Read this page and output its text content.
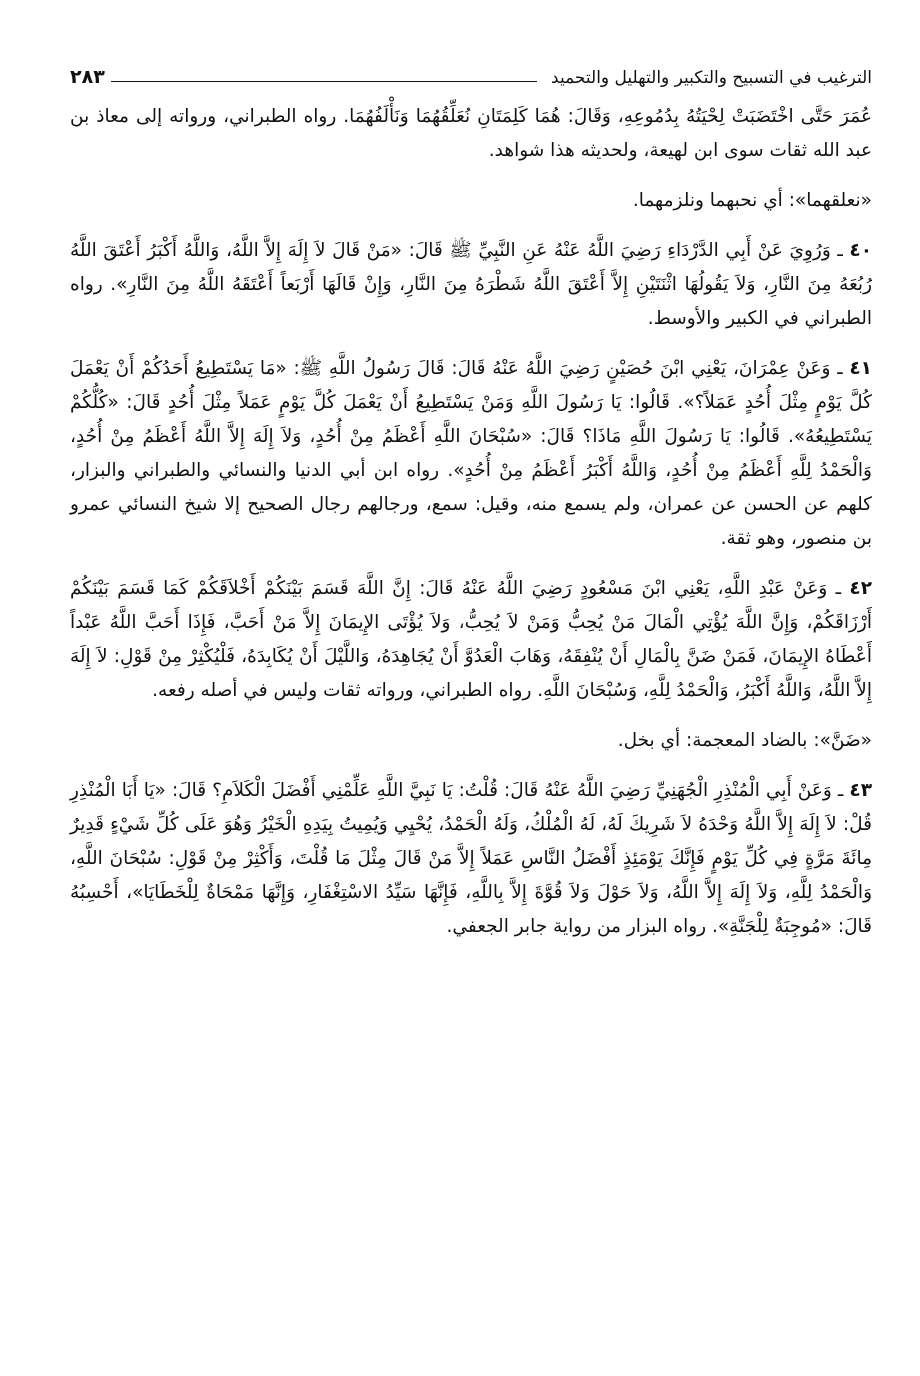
الترغيب في التسبيح والتكبير والتهليل والتحميد
٢٨٣

عُمَرَ حَتَّى اخْتَضَبَتْ لِحْيَتُهُ بِدُمُوعِهِ، وَقَالَ: هُمَا كَلِمَتَانِ نُعَلِّقُهُمَا وَنَأْلَفُهُمَا. رواه الطبراني، ورواته إلى معاذ بن عبد الله ثقات سوى ابن لهيعة، ولحديثه هذا شواهد.

«نعلقهما»: أي نحبهما ونلزمهما.

٤٠ ـ وَرُوِيَ عَنْ أَبِي الدَّرْدَاءِ رَضِيَ اللَّهُ عَنْهُ عَنِ النَّبِيِّ ﷺ قَالَ: «مَنْ قَالَ لاَ إِلَهَ إِلاَّ اللَّهُ، وَاللَّهُ أَكْبَرُ أَعْتَقَ اللَّهُ رُبُعَهُ مِنَ النَّارِ، وَلاَ يَقُولُهَا اثْنَتَيْنِ إِلاَّ أَعْتَقَ اللَّهُ شَطْرَهُ مِنَ النَّارِ، وَإِنْ قَالَهَا أَرْبَعاً أَعْتَقَهُ اللَّهُ مِنَ النَّارِ». رواه الطبراني في الكبير والأوسط.

٤١ ـ وَعَنْ عِمْرَانَ، يَعْنِي ابْنَ حُصَيْنٍ رَضِيَ اللَّهُ عَنْهُ قَالَ: قَالَ رَسُولُ اللَّهِ ﷺ: «مَا يَسْتَطِيعُ أَحَدُكُمْ أَنْ يَعْمَلَ كُلَّ يَوْمٍ مِثْلَ أُحُدٍ عَمَلاً؟». قَالُوا: يَا رَسُولَ اللَّهِ وَمَنْ يَسْتَطِيعُ أَنْ يَعْمَلَ كُلَّ يَوْمٍ عَمَلاً مِثْلَ أُحُدٍ قَالَ: «كُلُّكُمْ يَسْتَطِيعُهُ». قَالُوا: يَا رَسُولَ اللَّهِ مَاذَا؟ قَالَ: «سُبْحَانَ اللَّهِ أَعْظَمُ مِنْ أُحُدٍ، وَلاَ إِلَهَ إِلاَّ اللَّهُ أَعْظَمُ مِنْ أُحُدٍ، وَالْحَمْدُ لِلَّهِ أَعْظَمُ مِنْ أُحُدٍ، وَاللَّهُ أَكْبَرُ أَعْظَمُ مِنْ أُحُدٍ». رواه ابن أبي الدنيا والنسائي والطبراني والبزار، كلهم عن الحسن عن عمران، ولم يسمع منه، وقيل: سمع، ورجالهم رجال الصحيح إلا شيخ النسائي عمرو بن منصور، وهو ثقة.

٤٢ ـ وَعَنْ عَبْدِ اللَّهِ، يَعْنِي ابْنَ مَسْعُودٍ رَضِيَ اللَّهُ عَنْهُ قَالَ: إِنَّ اللَّهَ قَسَمَ بَيْنَكُمْ أَخْلاَقَكُمْ كَمَا قَسَمَ بَيْنَكُمْ أَرْزَاقَكُمْ، وَإِنَّ اللَّهَ يُؤْتِي الْمَالَ مَنْ يُحِبُّ وَمَنْ لاَ يُحِبُّ، وَلاَ يُؤْتَى الإِيمَانَ إِلاَّ مَنْ أَحَبَّ، فَإِذَا أَحَبَّ اللَّهُ عَبْداً أَعْطَاهُ الإِيمَانَ، فَمَنْ ضَنَّ بِالْمَالِ أَنْ يُنْفِقَهُ، وَهَابَ الْعَدُوَّ أَنْ يُجَاهِدَهُ، وَاللَّيْلَ أَنْ يُكَابِدَهُ، فَلْيُكْثِرْ مِنْ قَوْلِ: لاَ إِلَهَ إِلاَّ اللَّهُ، وَاللَّهُ أَكْبَرُ، وَالْحَمْدُ لِلَّهِ، وَسُبْحَانَ اللَّهِ. رواه الطبراني، ورواته ثقات وليس في أصله رفعه.

«ضَنَّ»: بالضاد المعجمة: أي بخل.

٤٣ ـ وَعَنْ أَبِي الْمُنْذِرِ الْجُهَنِيِّ رَضِيَ اللَّهُ عَنْهُ قَالَ: قُلْتُ: يَا نَبِيَّ اللَّهِ عَلِّمْنِي أَفْضَلَ الْكَلاَمِ؟ قَالَ: «يَا أَبَا الْمُنْذِرِ قُلْ: لاَ إِلَهَ إِلاَّ اللَّهُ وَحْدَهُ لاَ شَرِيكَ لَهُ، لَهُ الْمُلْكُ، وَلَهُ الْحَمْدُ، يُحْيِي وَيُمِيتُ بِيَدِهِ الْخَيْرُ وَهُوَ عَلَى كُلِّ شَيْءٍ قَدِيرٌ مِائَةَ مَرَّةٍ فِي كُلِّ يَوْمٍ فَإِنَّكَ يَوْمَئِذٍ أَفْضَلُ النَّاسِ عَمَلاً إِلاَّ مَنْ قَالَ مِثْلَ مَا قُلْتَ، وَأَكْثِرْ مِنْ قَوْلِ: سُبْحَانَ اللَّهِ، وَالْحَمْدُ لِلَّهِ، وَلاَ إِلَهَ إِلاَّ اللَّهُ، وَلاَ حَوْلَ وَلاَ قُوَّةَ إِلاَّ بِاللَّهِ، فَإِنَّهَا سَيِّدُ الاسْتِغْفَارِ، وَإِنَّهَا مَمْحَاةٌ لِلْخَطَايَا»، أَحْسِبُهُ قَالَ: «مُوجِبَةٌ لِلْجَنَّةِ». رواه البزار من رواية جابر الجعفي.
